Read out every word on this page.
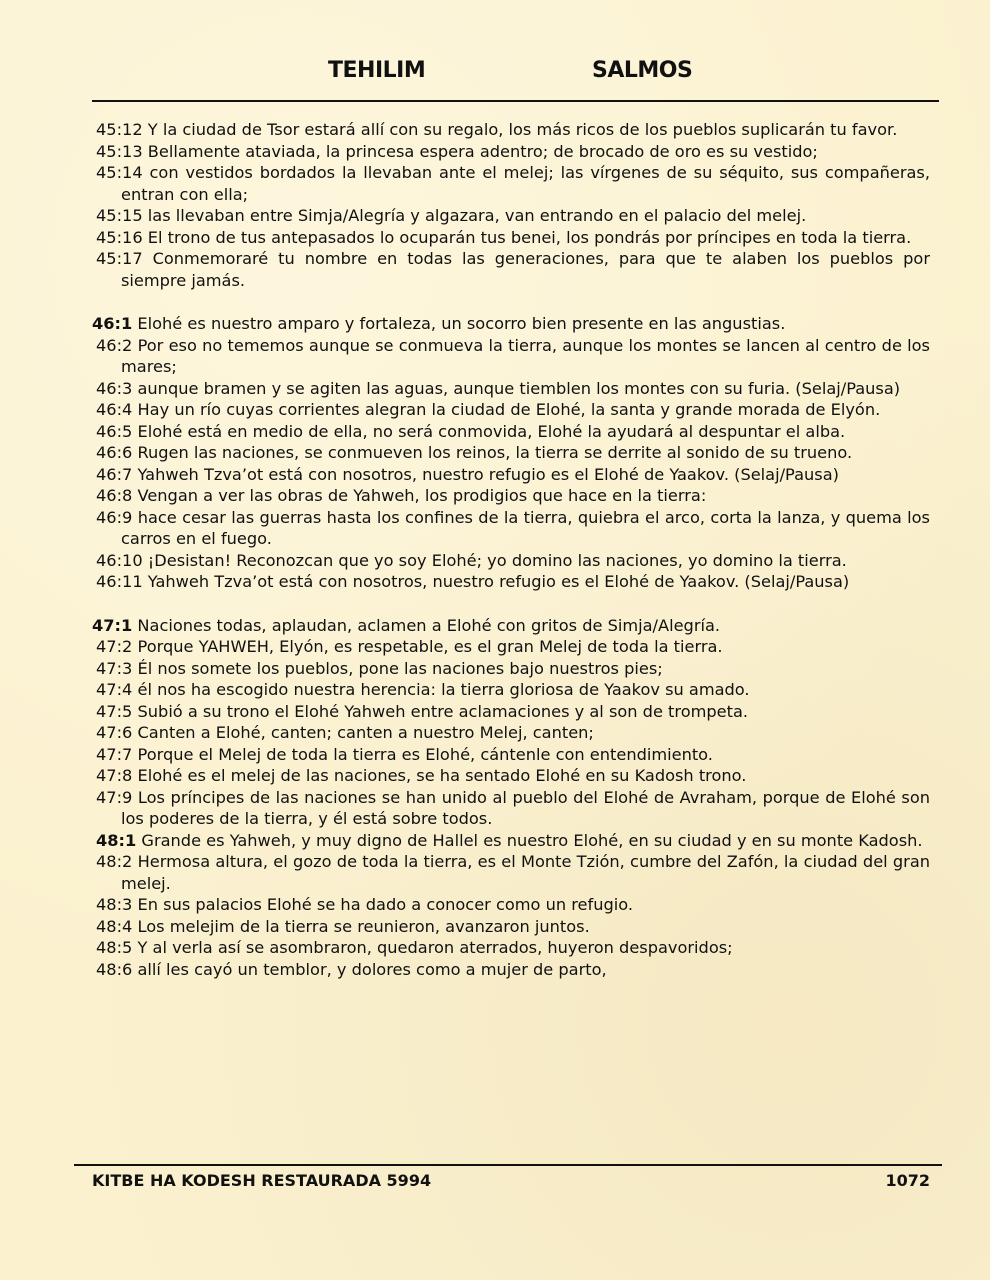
TEHILIM	SALMOS

45:12 Y la ciudad de Tsor estará allí con su regalo, los más ricos de los pueblos suplicarán tu favor.

45:13 Bellamente ataviada, la princesa espera adentro; de brocado de oro es su vestido;

45:14 con vestidos bordados la llevaban ante el melej; las vírgenes de su séquito, sus compañeras, entran con ella;

45:15 las llevaban entre Simja/Alegría y algazara, van entrando en el palacio del melej.

45:16 El trono de tus antepasados lo ocuparán tus benei, los pondrás por príncipes en toda la tierra.

45:17 Conmemoraré tu nombre en todas las generaciones, para que te alaben los pueblos por siempre jamás.

46:1 Elohé es nuestro amparo y fortaleza, un socorro bien presente en las angustias.

46:2 Por eso no tememos aunque se conmueva la tierra, aunque los montes se lancen al centro de los mares;

46:3 aunque bramen y se agiten las aguas, aunque tiemblen los montes con su furia. (Selaj/Pausa)

46:4 Hay un río cuyas corrientes alegran la ciudad de Elohé, la santa y grande morada de Elyón.

46:5 Elohé está en medio de ella, no será conmovida, Elohé la ayudará al despuntar el alba.

46:6 Rugen las naciones, se conmueven los reinos, la tierra se derrite al sonido de su trueno.

46:7 Yahweh Tzva’ot está con nosotros, nuestro refugio es el Elohé de Yaakov. (Selaj/Pausa)

46:8 Vengan a ver las obras de Yahweh, los prodigios que hace en la tierra:

46:9 hace cesar las guerras hasta los confines de la tierra, quiebra el arco, corta la lanza, y quema los carros en el fuego.

46:10 ¡Desistan! Reconozcan que yo soy Elohé; yo domino las naciones, yo domino la tierra.

46:11 Yahweh Tzva’ot está con nosotros, nuestro refugio es el Elohé de Yaakov. (Selaj/Pausa)

47:1 Naciones todas, aplaudan, aclamen a Elohé con gritos de Simja/Alegría.

47:2 Porque YAHWEH, Elyón, es respetable, es el gran Melej de toda la tierra.

47:3 Él nos somete los pueblos, pone las naciones bajo nuestros pies;

47:4 él nos ha escogido nuestra herencia: la tierra gloriosa de Yaakov su amado.

47:5 Subió a su trono el Elohé Yahweh entre aclamaciones y al son de trompeta.

47:6 Canten a Elohé, canten; canten a nuestro Melej, canten;

47:7 Porque el Melej de toda la tierra es Elohé, cántenle con entendimiento.

47:8 Elohé es el melej de las naciones, se ha sentado Elohé en su Kadosh trono.

47:9 Los príncipes de las naciones se han unido al pueblo del Elohé de Avraham, porque de Elohé son los poderes de la tierra, y él está sobre todos.

48:1 Grande es Yahweh, y muy digno de Hallel es nuestro Elohé, en su ciudad y en su monte Kadosh.

48:2 Hermosa altura, el gozo de toda la tierra, es el Monte Tzión, cumbre del Zafón, la ciudad del gran melej.

48:3 En sus palacios Elohé se ha dado a conocer como un refugio.

48:4 Los melejim de la tierra se reunieron, avanzaron juntos.

48:5 Y al verla así se asombraron, quedaron aterrados, huyeron despavoridos;

48:6 allí les cayó un temblor, y dolores como a mujer de parto,

KITBE HA KODESH RESTAURADA 5994	1072
